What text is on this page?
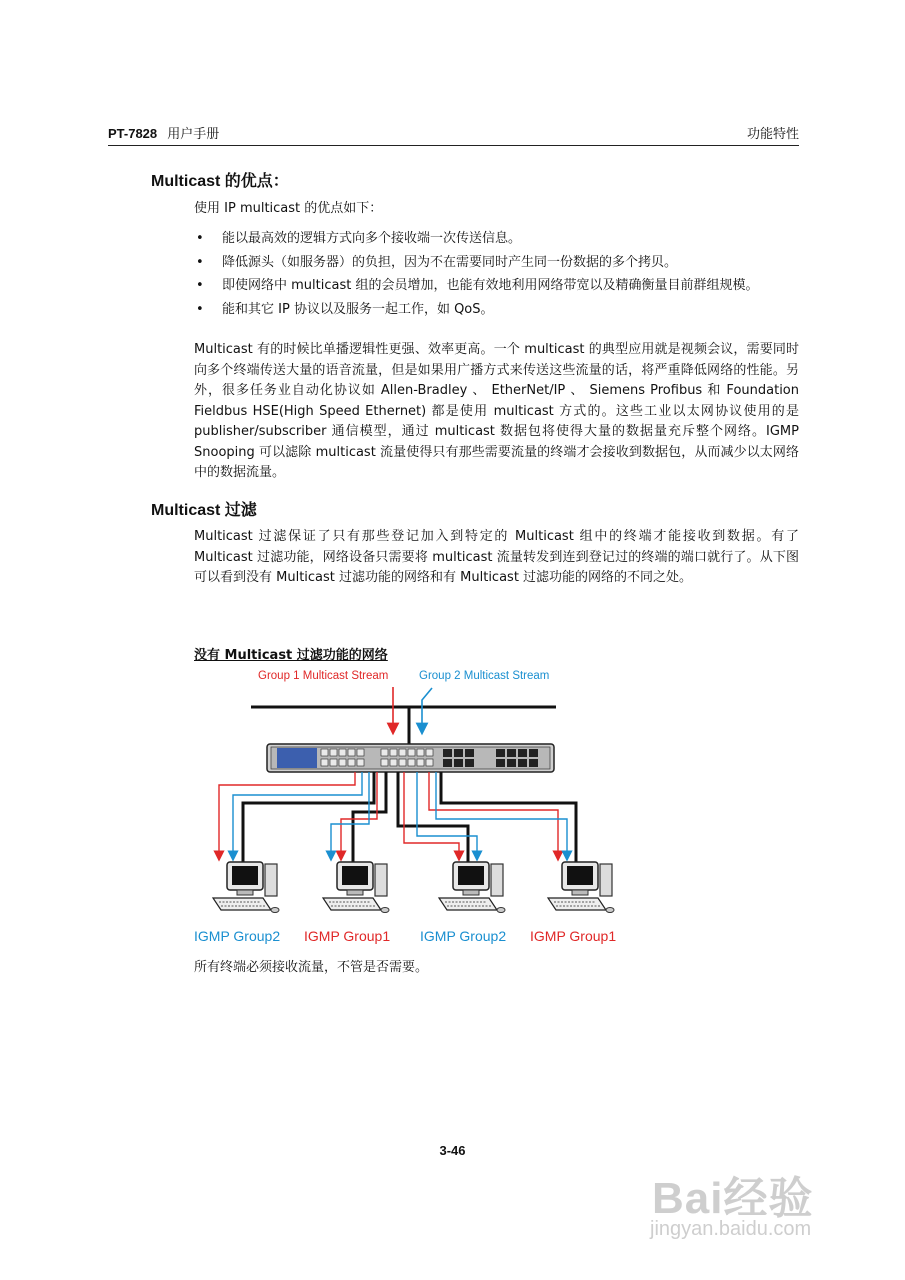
PT-7828 用户手册	功能特性
Multicast 的优点：

使用 IP multicast 的优点如下：

• 能以最高效的逻辑方式向多个接收端一次传送信息。
• 降低源头（如服务器）的负担，因为不在需要同时产生同一份数据的多个拷贝。
• 即使网络中 multicast 组的会员增加，也能有效地利用网络带宽以及精确衡量目前群组规模。
• 能和其它 IP 协议以及服务一起工作，如 QoS。

Multicast 有的时候比单播逻辑性更强、效率更高。一个 multicast 的典型应用就是视频会议，需要同时向多个终端传送大量的语音流量，但是如果用广播方式来传送这些流量的话，将严重降低网络的性能。另外，很多任务业自动化协议如 Allen-Bradley 、 EtherNet/IP 、 Siemens Profibus 和 Foundation Fieldbus HSE(High Speed Ethernet) 都是使用 multicast 方式的。这些工业以太网协议使用的是 publisher/subscriber 通信模型，通过 multicast 数据包将使得大量的数据量充斥整个网络。IGMP Snooping 可以滤除 multicast 流量使得只有那些需要流量的终端才会接收到数据包，从而减少以太网络中的数据流量。

Multicast 过滤

Multicast 过滤保证了只有那些登记加入到特定的 Multicast 组中的终端才能接收到数据。有了 Multicast 过滤功能，网络设备只需要将 multicast 流量转发到连到登记过的终端的端口就行了。从下图可以看到没有 Multicast 过滤功能的网络和有 Multicast 过滤功能的网络的不同之处。

没有 Multicast 过滤功能的网络
Group 1 Multicast Stream	Group 2 Multicast Stream
IGMP Group2 IGMP Group1 IGMP Group2 IGMP Group1
所有终端必须接收流量，不管是否需要。
3-46
Bai经验
jingyan.baidu.com
